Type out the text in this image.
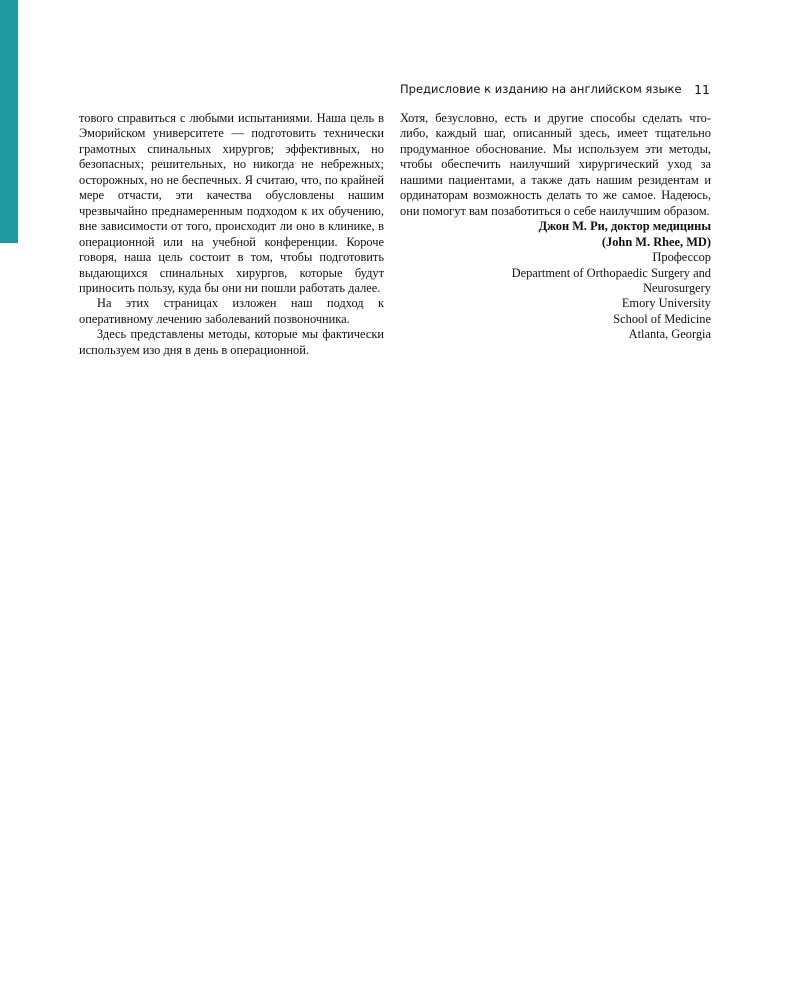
Предисловие к изданию на английском языке 11

тового справиться с любыми испытаниями. Наша цель в Эморийском университете — подготовить технически грамотных спинальных хирургов; эффективных, но безопасных; решительных, но никогда не небрежных; осторожных, но не беспечных. Я считаю, что, по крайней мере отчасти, эти качества обусловлены нашим чрезвычайно преднамеренным подходом к их обучению, вне зависимости от того, происходит ли оно в клинике, в операционной или на учебной конференции. Короче говоря, наша цель состоит в том, чтобы подготовить выдающихся спинальных хирургов, которые будут приносить пользу, куда бы они ни пошли работать далее.

На этих страницах изложен наш подход к оперативному лечению заболеваний позвоночника.

Здесь представлены методы, которые мы фактически используем изо дня в день в операционной.

Хотя, безусловно, есть и другие способы сделать что-либо, каждый шаг, описанный здесь, имеет тщательно продуманное обоснование. Мы используем эти методы, чтобы обеспечить наилучший хирургический уход за нашими пациентами, а также дать нашим резидентам и ординаторам возможность делать то же самое. Надеюсь, они помогут вам позаботиться о себе наилучшим образом.

Джон М. Ри, доктор медицины
(John M. Rhee, MD)
Профессор
Department of Orthopaedic Surgery and
Neurosurgery
Emory University
School of Medicine
Atlanta, Georgia
